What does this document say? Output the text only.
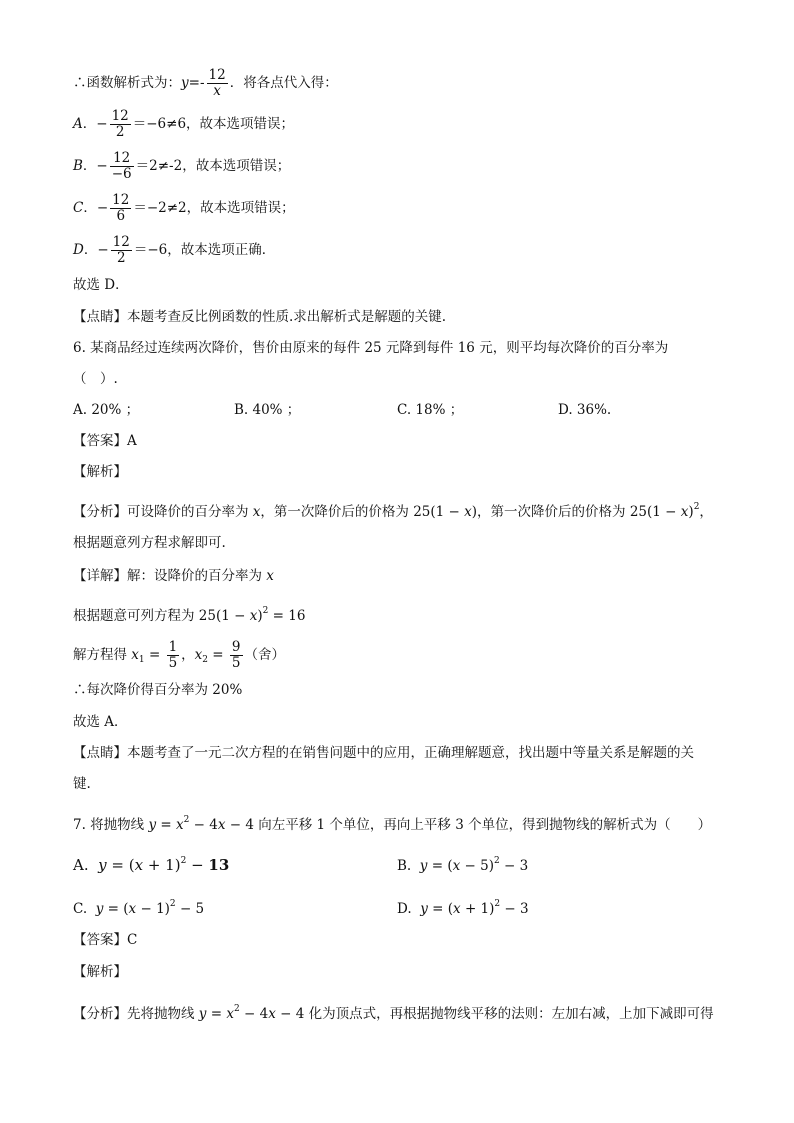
∴函数解析式为：$y=- \frac{12}{x}$ ．将各点代入得：
A．− $\frac{12}{2} =-6\ne 6$，故本选项错误；
B．− $\frac{12}{-6} =2\ne-2$，故本选项错误；
C．− $\frac{12}{6} =-2\ne 2$，故本选项错误；
D．− $\frac{12}{2} =-6$，故本选项正确．
故选 D．
【点睛】本题考查反比例函数的性质.求出解析式是解题的关键.
6. 某商品经过连续两次降价，售价由原来的每件 25 元降到每件 16 元，则平均每次降价的百分率为
（　）.
A. 20% ；	B. 40% ；	C. 18% ；	D. 36%.
【答案】A
【解析】
【分析】可设降价的百分率为 x，第一次降价后的价格为 25(1 − x)，第一次降价后的价格为 $25(1 - x)^2$，
根据题意列方程求解即可.
【详解】解：设降价的百分率为 x
根据题意可列方程为 $25(1 - x)^2 = 16$
解方程得 $x_1 = \frac{1}{5}$ ，$x_2 = \frac{9}{5}$ （舍）
∴每次降价得百分率为 20%
故选 A．
【点睛】本题考查了一元二次方程的在销售问题中的应用，正确理解题意，找出题中等量关系是解题的关
键.
7. 将抛物线 $y = x^2 - 4x - 4$ 向左平移 1 个单位，再向上平移 3 个单位，得到抛物线的解析式为（　　）
A.  $y = (x + 1)^2 - 13$	B.  $y = (x - 5)^2 - 3$
C.  $y = (x - 1)^2 - 5$	D.  $y = (x + 1)^2 - 3$
【答案】C
【解析】
【分析】先将抛物线 $y = x^2 - 4x - 4$ 化为顶点式，再根据抛物线平移的法则：左加右减，上加下减即可得
